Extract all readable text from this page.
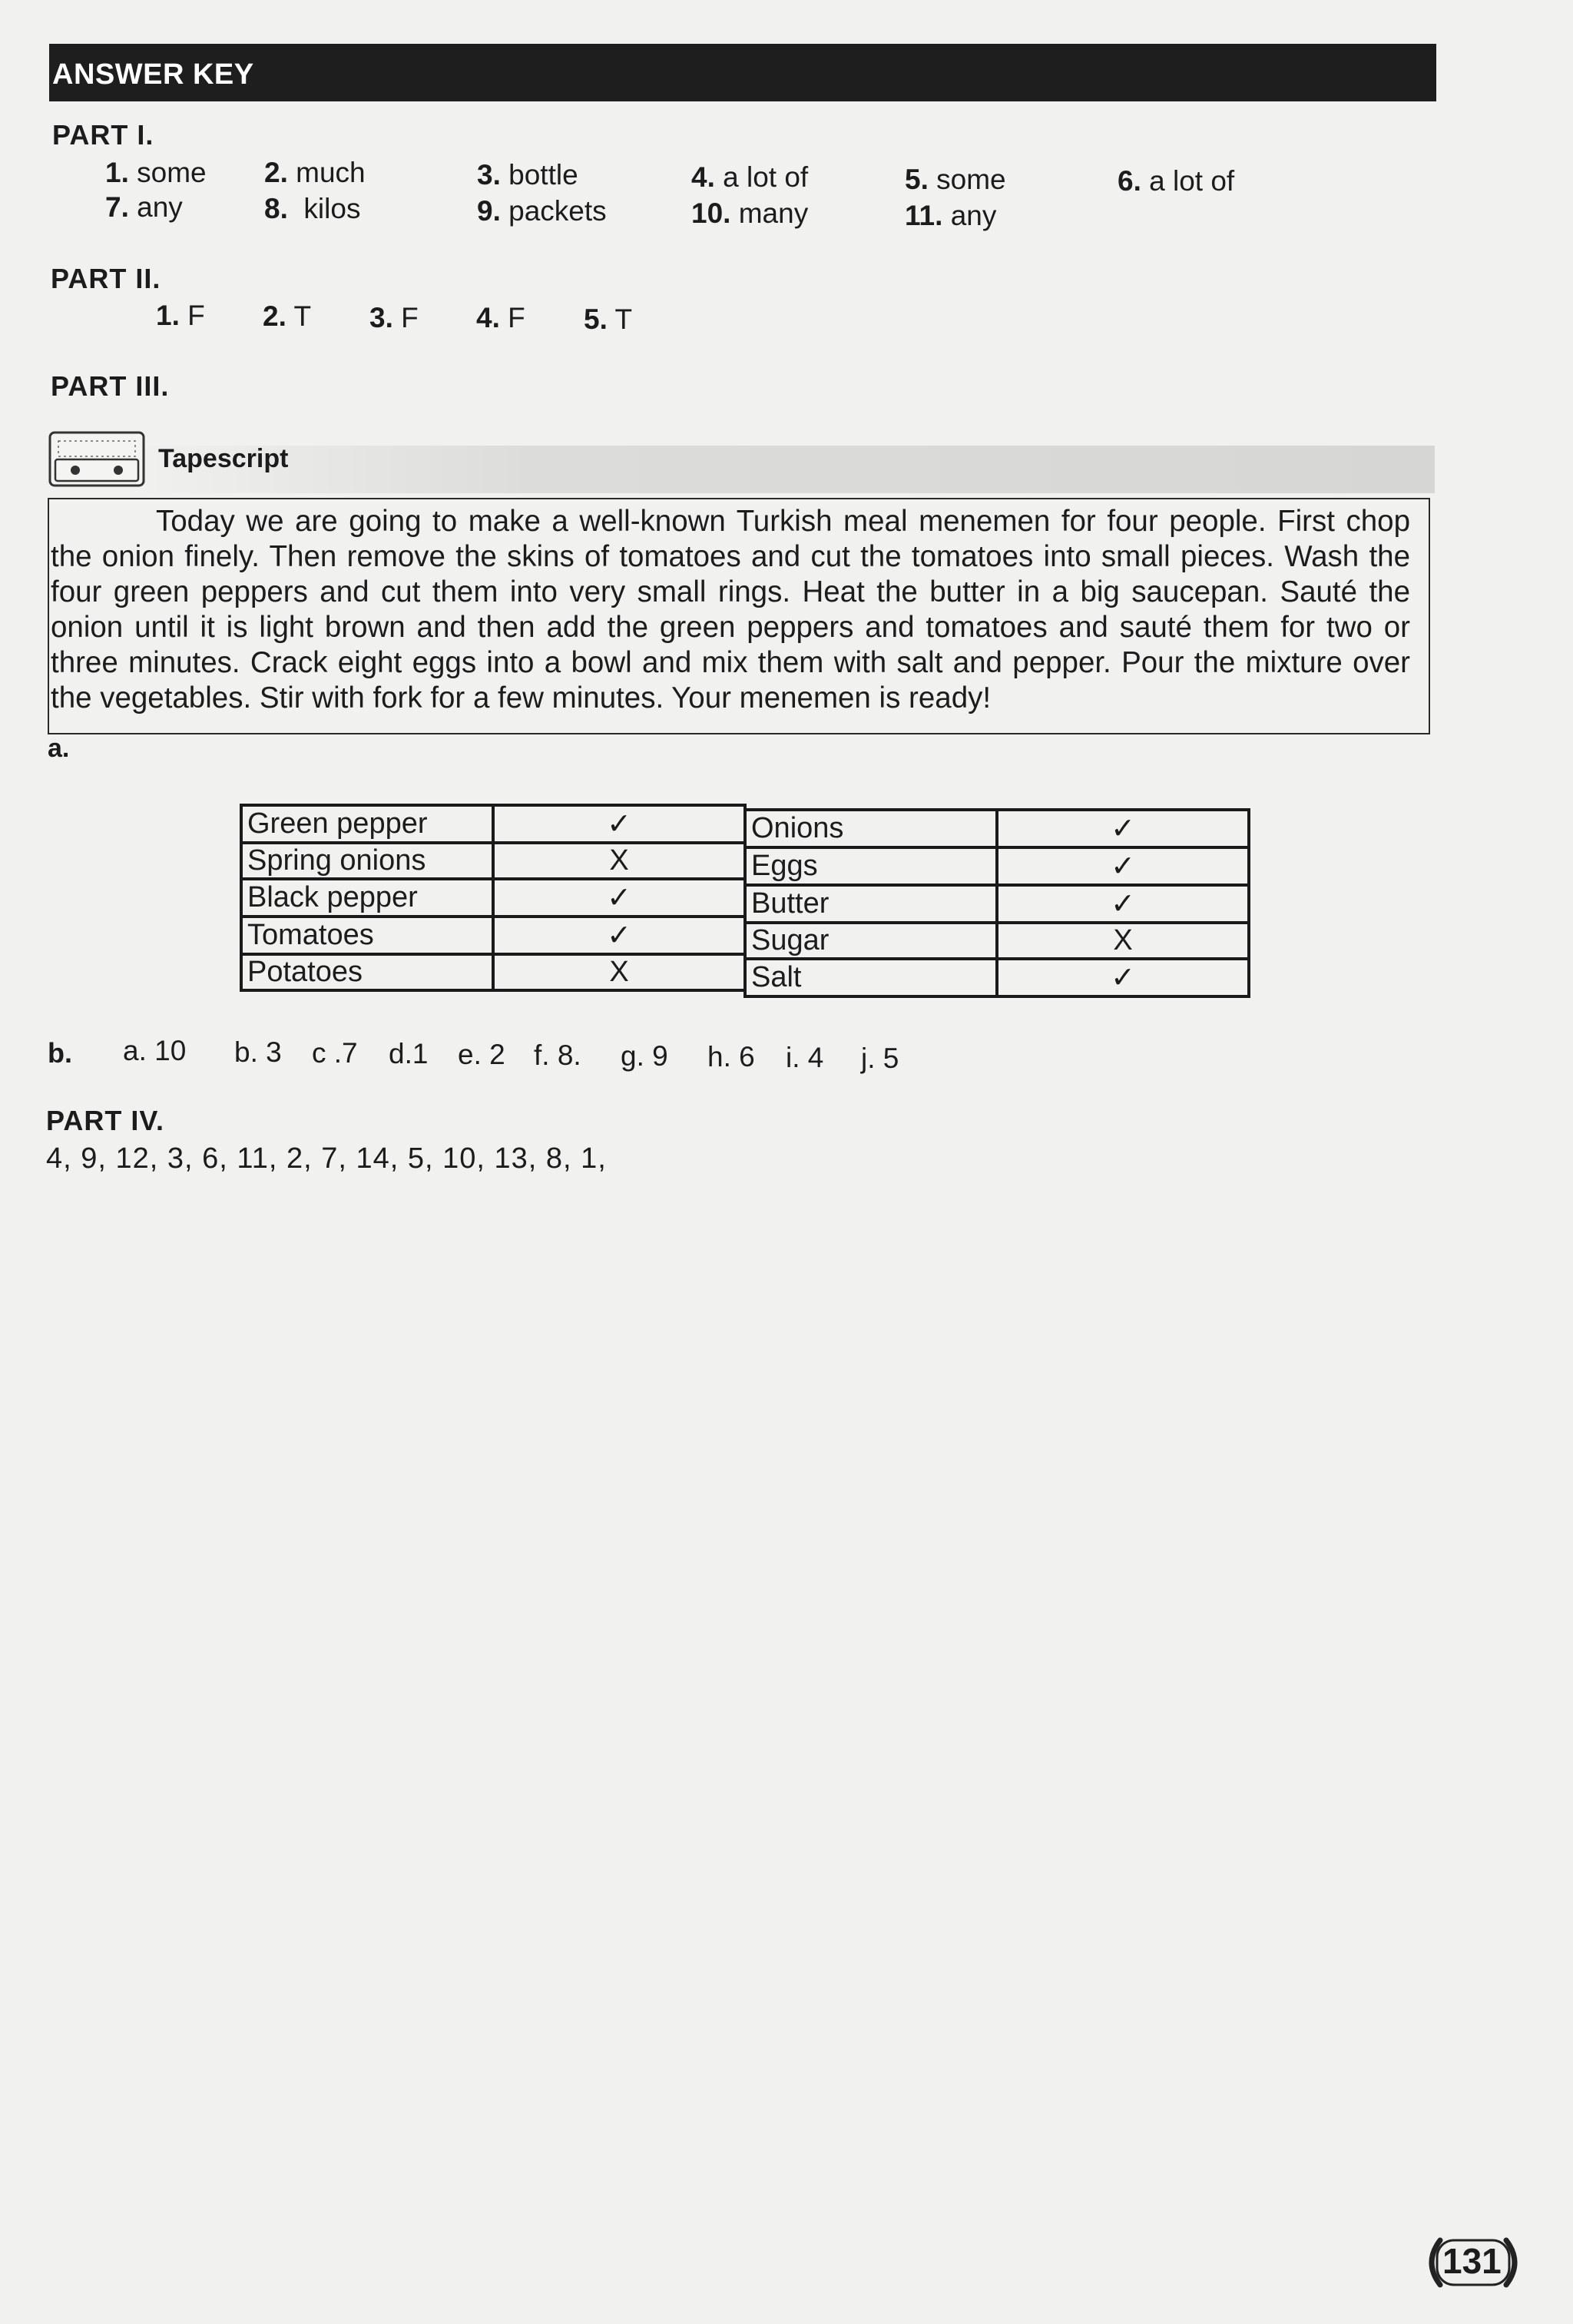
ANSWER KEY
PART I.
1. some 2. much	3. bottle	4. a lot of	5. some	6. a lot of
7. any	8. kilos	9. packets	10. many	11. any
PART II.
1. F 2. T 3. F 4. F 5. T
PART III.
Tapescript
Today we are going to make a well-known Turkish meal menemen for four people. First chop the onion finely. Then remove the skins of tomatoes and cut the tomatoes into small pieces. Wash the four green peppers and cut them into very small rings. Heat the butter in a big saucepan. Sauté the onion until it is light brown and then add the green peppers and tomatoes and sauté them for two or three minutes. Crack eight eggs into a bowl and mix them with salt and pepper. Pour the mixture over the vegetables. Stir with fork for a few minutes. Your menemen is ready!
a.
Green pepper	✓
Spring onions	X
Black pepper	✓
Tomatoes	✓
Potatoes	X
Onions	✓
Eggs	✓
Butter	✓
Sugar	X
Salt	✓
b. a. 10 b. 3 c .7 d.1 e. 2 f. 8. g. 9 h. 6 i. 4 j. 5
PART IV.
4, 9, 12, 3, 6, 11, 2, 7, 14, 5, 10, 13, 8, 1,
131
